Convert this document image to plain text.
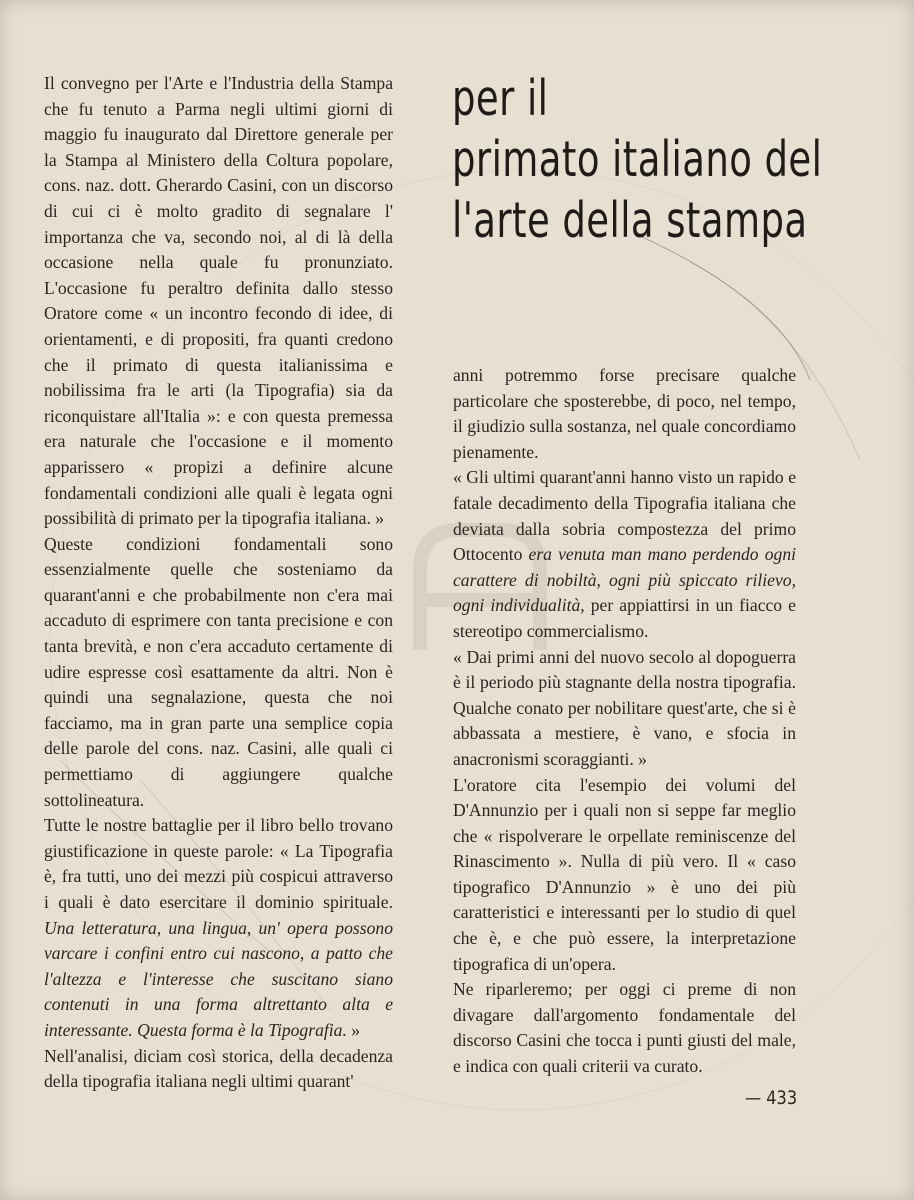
per il
primato italiano del
l'arte della stampa

Il convegno per l'Arte e l'Industria della Stampa che fu tenuto a Parma negli ultimi giorni di maggio fu inaugurato dal Direttore generale per la Stampa al Ministero della Coltura popolare, cons. naz. dott. Gherardo Casini, con un discorso di cui ci è molto gradito di segnalare l' importanza che va, secondo noi, al di là della occasione nella quale fu pronunziato. L'occasione fu peraltro definita dallo stesso Oratore come « un incontro fecondo di idee, di orientamenti, e di propositi, fra quanti credono che il primato di questa italianissima e nobilissima fra le arti (la Tipografia) sia da riconquistare all'Italia »: e con questa premessa era naturale che l'occasione e il momento apparissero « propizi a definire alcune fondamentali condizioni alle quali è legata ogni possibilità di primato per la tipografia italiana. »

Queste condizioni fondamentali sono essenzialmente quelle che sosteniamo da quarant'anni e che probabilmente non c'era mai accaduto di esprimere con tanta precisione e con tanta brevità, e non c'era accaduto certamente di udire espresse così esattamente da altri. Non è quindi una segnalazione, questa che noi facciamo, ma in gran parte una semplice copia delle parole del cons. naz. Casini, alle quali ci permettiamo di aggiungere qualche sottolineatura.

Tutte le nostre battaglie per il libro bello trovano giustificazione in queste parole: « La Tipografia è, fra tutti, uno dei mezzi più cospicui attraverso i quali è dato esercitare il dominio spirituale. Una letteratura, una lingua, un' opera possono varcare i confini entro cui nascono, a patto che l'altezza e l'interesse che suscitano siano contenuti in una forma altrettanto alta e interessante. Questa forma è la Tipografia. »

Nell'analisi, diciam così storica, della decadenza della tipografia italiana negli ultimi quarant'

anni potremmo forse precisare qualche particolare che sposterebbe, di poco, nel tempo, il giudizio sulla sostanza, nel quale concordiamo pienamente.

« Gli ultimi quarant'anni hanno visto un rapido e fatale decadimento della Tipografia italiana che deviata dalla sobria compostezza del primo Ottocento era venuta man mano perdendo ogni carattere di nobiltà, ogni più spiccato rilievo, ogni individualità, per appiattirsi in un fiacco e stereotipo commercialismo.

« Dai primi anni del nuovo secolo al dopoguerra è il periodo più stagnante della nostra tipografia. Qualche conato per nobilitare quest'arte, che si è abbassata a mestiere, è vano, e sfocia in anacronismi scoraggianti. »

L'oratore cita l'esempio dei volumi del D'Annunzio per i quali non si seppe far meglio che « rispolverare le orpellate reminiscenze del Rinascimento ». Nulla di più vero. Il « caso tipografico D'Annunzio » è uno dei più caratteristici e interessanti per lo studio di quel che è, e che può essere, la interpretazione tipografica di un'opera.

Ne riparleremo; per oggi ci preme di non divagare dall'argomento fondamentale del discorso Casini che tocca i punti giusti del male, e indica con quali criterii va curato.

— 433
